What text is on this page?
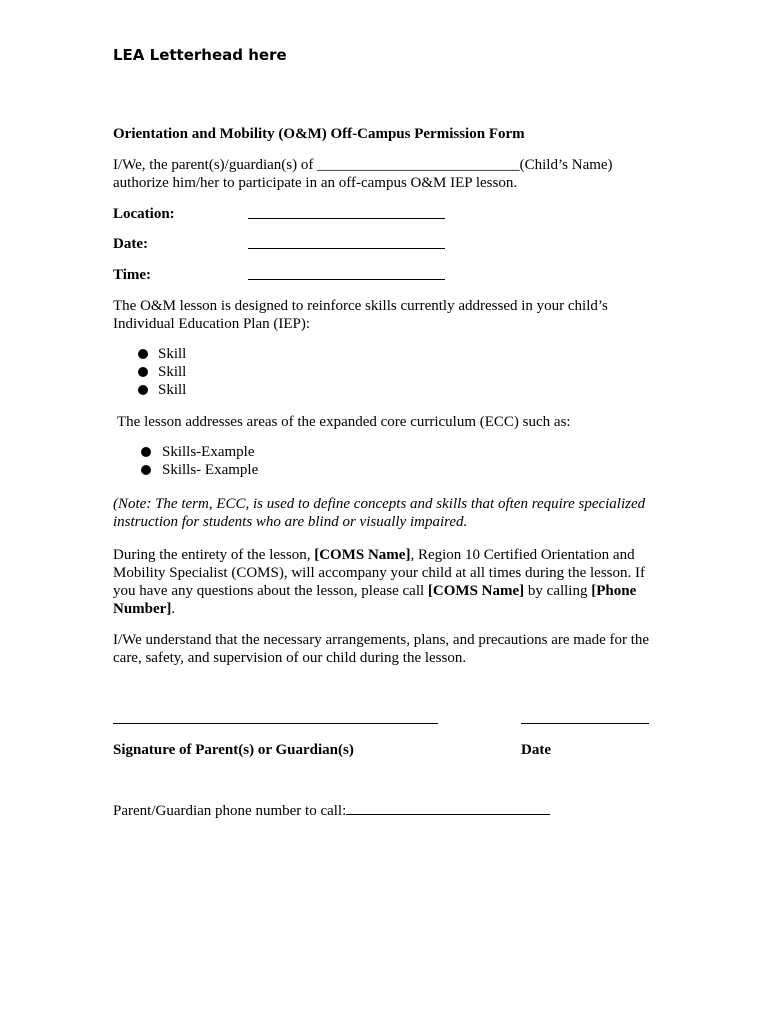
LEA Letterhead here
Orientation and Mobility (O&M) Off-Campus Permission Form
I/We, the parent(s)/guardian(s) of ___________________________(Child’s Name)
authorize him/her to participate in an off-campus O&M IEP lesson.
Location:
Date:
Time:
The O&M lesson is designed to reinforce skills currently addressed in your child’s Individual Education Plan (IEP):
Skill
Skill
Skill
The lesson addresses areas of the expanded core curriculum (ECC) such as:
Skills-Example
Skills- Example
(Note: The term, ECC, is used to define concepts and skills that often require specialized instruction for students who are blind or visually impaired.
During the entirety of the lesson, [COMS Name], Region 10 Certified Orientation and Mobility Specialist (COMS), will accompany your child at all times during the lesson. If you have any questions about the lesson, please call [COMS Name] by calling [Phone Number].
I/We understand that the necessary arrangements, plans, and precautions are made for the care, safety, and supervision of our child during the lesson.
Signature of Parent(s) or Guardian(s)	Date
Parent/Guardian phone number to call:
